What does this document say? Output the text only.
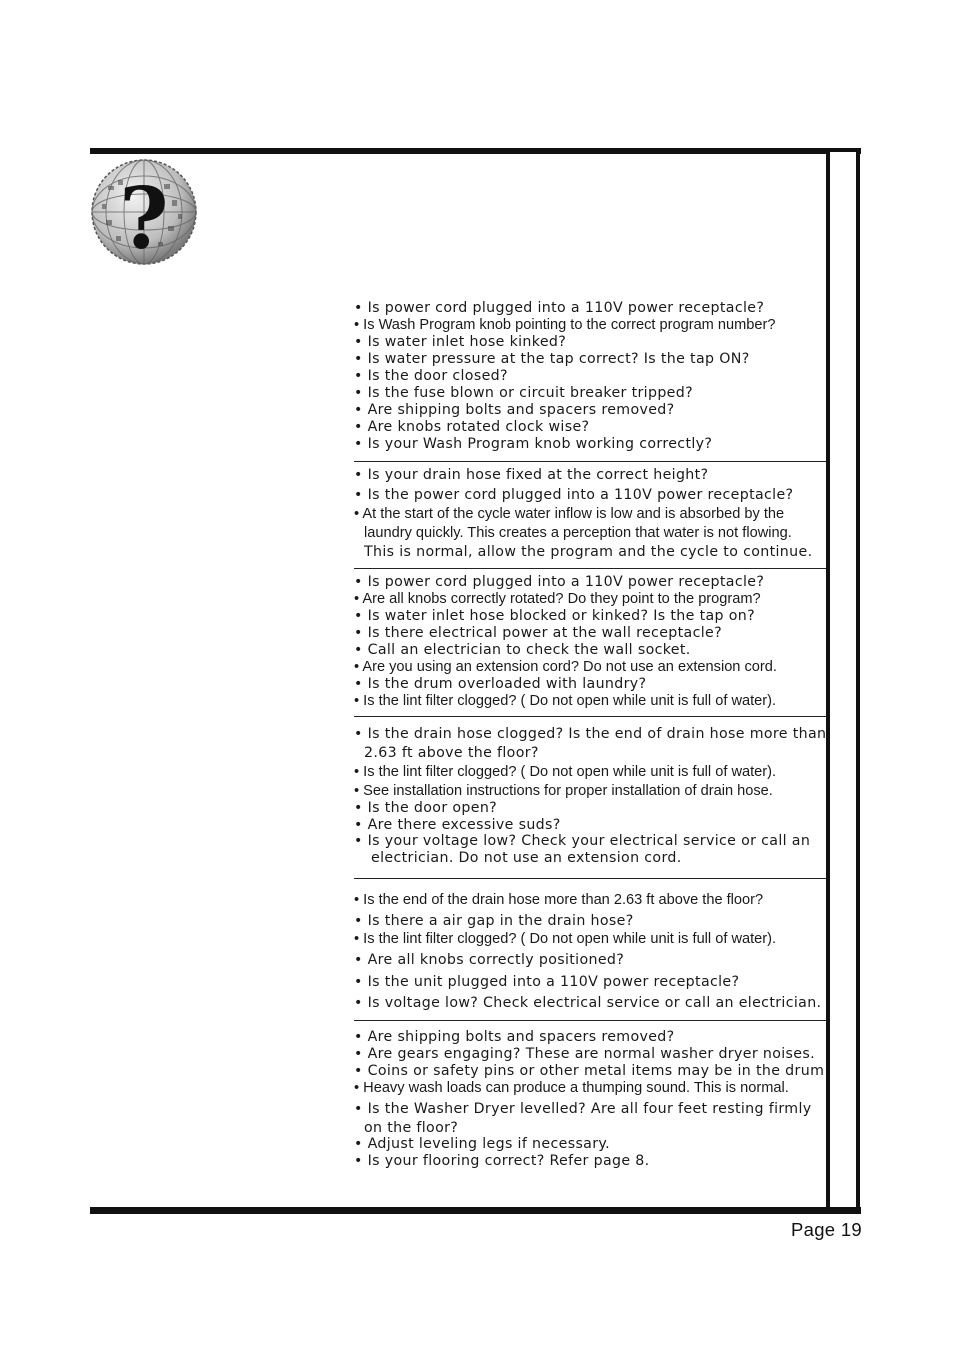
?
• Is power cord plugged into a 110V power receptacle?
• Is Wash Program knob pointing to the correct program number?
• Is water inlet hose kinked?
• Is water pressure at the tap correct? Is the tap ON?
• Is the door closed?
• Is the fuse blown or circuit breaker tripped?
• Are shipping bolts and spacers removed?
• Are knobs rotated clock wise?
• Is your Wash Program knob working correctly?
• Is your drain hose fixed at the correct height?
• Is the power cord plugged into a 110V power receptacle?
• At the start of the cycle water inflow is low and is absorbed by the
laundry quickly. This creates a perception that water is not flowing.
This is normal, allow the program and the cycle to continue.
• Is power cord plugged into a 110V power receptacle?
• Are all knobs correctly rotated? Do they point to the program?
• Is water inlet hose blocked or kinked? Is the tap on?
• Is there electrical power at the wall receptacle?
• Call an electrician to check the wall socket.
• Are you using an extension cord? Do not use an extension cord.
• Is the drum overloaded with laundry?
• Is the lint filter clogged? ( Do not open while unit is full of water).
• Is the drain hose clogged? Is the end of drain hose more than
2.63 ft above the floor?
• Is the lint filter clogged? ( Do not open while unit is full of water).
• See installation instructions for proper installation of drain hose.
• Is the door open?
• Are there excessive suds?
• Is your voltage low? Check your electrical service or call an
electrician. Do not use an extension cord.
• Is the end of the drain hose more than 2.63 ft above the floor?
• Is there a air gap in the drain hose?
• Is the lint filter clogged? ( Do not open while unit is full of water).
• Are all knobs correctly positioned?
• Is the unit plugged into a 110V power receptacle?
• Is voltage low? Check electrical service or call an electrician.
• Are shipping bolts and spacers removed?
• Are gears engaging? These are normal washer dryer noises.
• Coins or safety pins or other metal items may be in the drum
• Heavy wash loads can produce a thumping sound. This is normal.
• Is the Washer Dryer levelled? Are all four feet resting firmly
on the floor?
• Adjust leveling legs if necessary.
• Is your flooring correct? Refer page 8.
Page 19
